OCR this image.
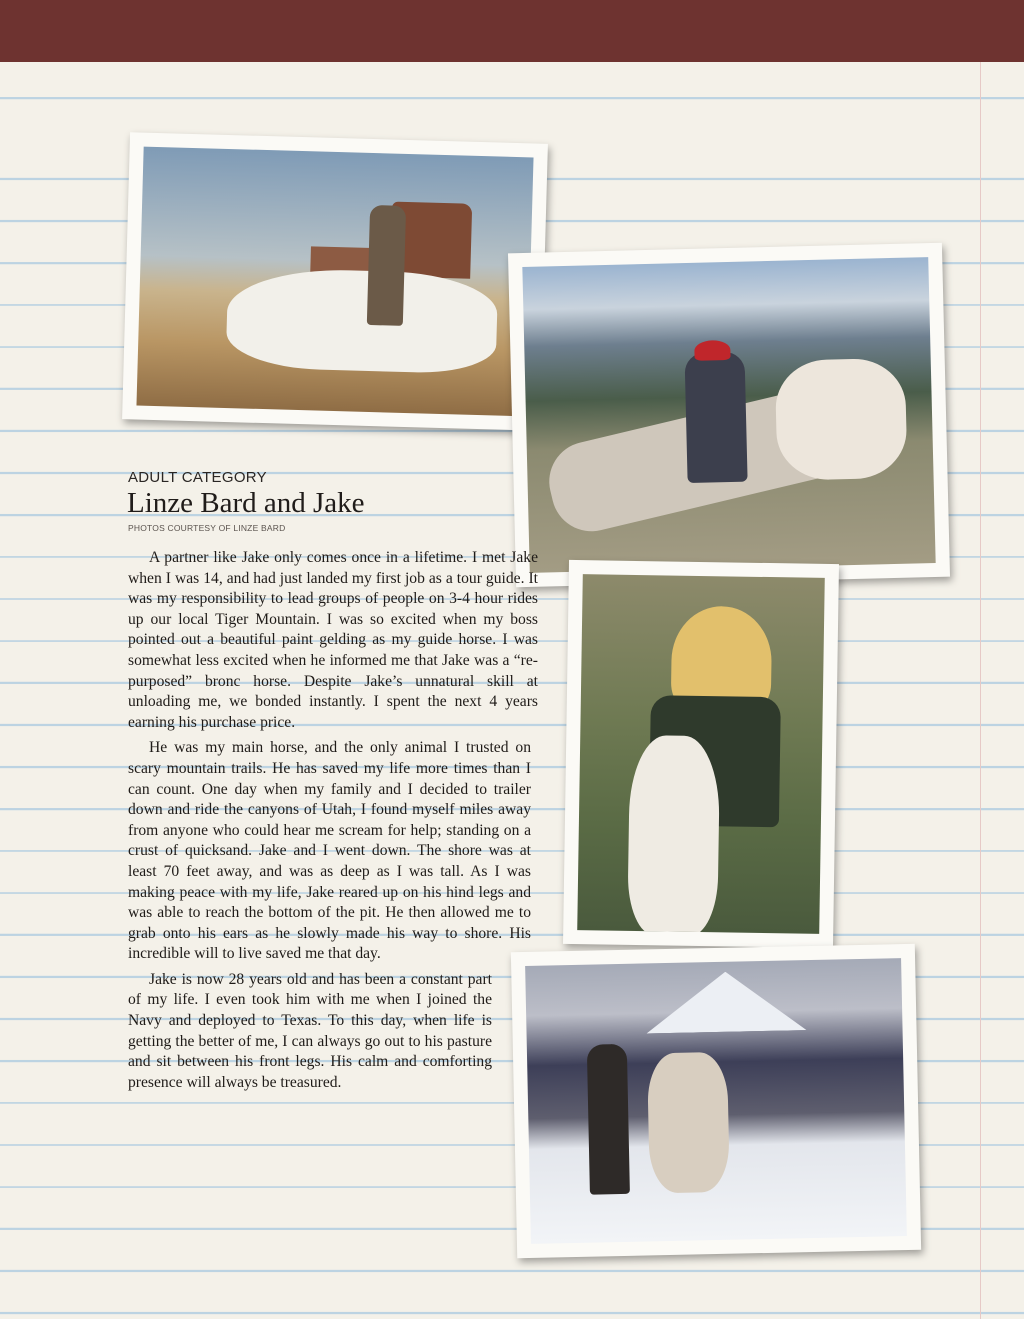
ADULT CATEGORY
Linze Bard and Jake
PHOTOS COURTESY OF LINZE BARD

A partner like Jake only comes once in a lifetime. I met Jake when I was 14, and had just landed my first job as a tour guide. It was my responsibility to lead groups of people on 3-4 hour rides up our local Tiger Mountain. I was so excited when my boss pointed out a beautiful paint gelding as my guide horse. I was somewhat less excited when he informed me that Jake was a “re-purposed” bronc horse. Despite Jake’s unnatural skill at unloading me, we bonded instantly. I spent the next 4 years earning his purchase price.

He was my main horse, and the only animal I trusted on scary mountain trails. He has saved my life more times than I can count. One day when my family and I decided to trailer down and ride the canyons of Utah, I found myself miles away from anyone who could hear me scream for help; standing on a crust of quicksand. Jake and I went down. The shore was at least 70 feet away, and was as deep as I was tall. As I was making peace with my life, Jake reared up on his hind legs and was able to reach the bottom of the pit. He then allowed me to grab onto his ears as he slowly made his way to shore. His incredible will to live saved me that day.

Jake is now 28 years old and has been a constant part of my life. I even took him with me when I joined the Navy and deployed to Texas. To this day, when life is getting the better of me, I can always go out to his pasture and sit between his front legs. His calm and comforting presence will always be treasured.
